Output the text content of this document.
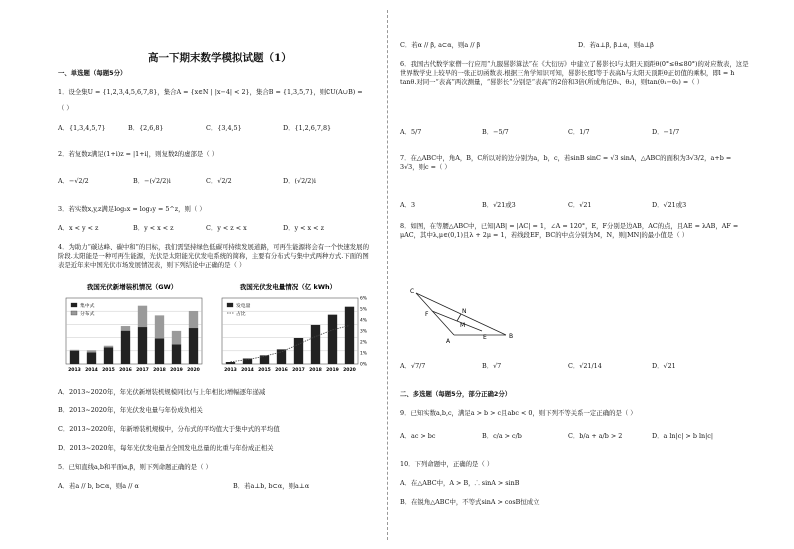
高一下期末数学模拟试题（1）
一、单选题（每题5分）
1．设全集U = {1,2,3,4,5,6,7,8}，集合A = {x∈N | |x−4| < 2}，集合B = {1,3,5,7}，则∁U(A∪B) =
（ ）
A．{1,3,4,5,7}	B．{2,6,8}	C．{3,4,5}	D．{1,2,6,7,8}
2．若复数z满足(1+i)z = |1+i|，则复数z̄的虚部是（ ）
A．−√2/2	B．−(√2/2)i	C．√2/2	D．(√2/2)i
3．若实数x,y,z满足log₂x = log₃y = 5^z，则（ ）
A．x < y < z	B．y < x < z	C．y < z < x	D．y < x < z
4．为助力“碳达峰、碳中和”的目标，我们需坚持绿色低碳可持续发展道路，可再生能源将会有一个快速发展的阶段.太阳能是一种可再生能源，光伏是太阳能光伏发电系统的简称，主要有分布式与集中式两种方式.下面的图表是近年来中国光伏市场发展情况表，则下列结论中正确的是（ ）
我国光伏新增装机情况（GW）
2013 2014 2015 2016 2017 2018 2019 2020
集中式
分布式
我国光伏发电量情况（亿 kWh）
2013 2014 2015 2016 2017 2018 2019 2020
0%
1%
2%
3%
4%
5%
6%
发电量
占比
A．2013~2020年，年光伏新增装机规模同比(与上年相比)增幅逐年递减
B．2013~2020年，年光伏发电量与年份成负相关
C．2013~2020年，年新增装机规模中，分布式的平均值大于集中式的平均值
D．2013~2020年，每年光伏发电量占全国发电总量的比重与年份成正相关
5．已知直线a,b和平面α,β，则下列命题正确的是（ ）
A．若a // b, b⊂α，则a // α	B．若a⊥b, b⊂α，则a⊥α
C．若α // β, a⊂α，则a // β	D．若a⊥β, β⊥α，则a⊥β
6．我国古代数学家僧一行应用“九服晷影算法”在《大衍历》中建立了晷影长l与太阳天顶距θ(0°≤θ≤80°)的对应数表，这是世界数学史上较早的一张正切函数表.根据三角学知识可知，晷影长度l等于表高h与太阳天顶距θ正切值的乘积，即l = h tanθ.对同一“表高”两次测量，“晷影长”分别是“表高”的2倍和3倍(所成角记θ₁、θ₂)，则tan(θ₁−θ₂) =（ ）
A．5/7	B．−5/7	C．1/7	D．−1/7
7．在△ABC中，角A，B，C所以对的边分别为a，b，c，若sinB sinC = √3 sinA，△ABC的面积为3√3/2，a+b = 3√3，则c =（ ）
A．3	B．√21或3	C．√21	D．√21或3
8．如图，在等腰△ABC中，已知|AB| = |AC| = 1，∠A = 120°，E，F分别是边AB，AC的点，且AE = λAB，AF = μAC，其中λ,μ∈(0,1)且λ + 2μ = 1，若线段EF，BC的中点分别为M，N，则|MN|的最小值是（ ）
C
N
F
M
A
E	B
A．√7/7	B．√7	C．√21/14	D．√21
二、多选题（每题5分，部分正确2分）
9．已知实数a,b,c，满足a > b > c且abc < 0，则下列不等关系一定正确的是（ ）
A．ac > bc	B．c/a > c/b	C．b/a + a/b > 2	D．a ln|c| > b ln|c|
10．下列命题中，正确的是（ ）
A．在△ABC中，A > B，⸫ sinA > sinB
B．在锐角△ABC中，不等式sinA > cosB恒成立
